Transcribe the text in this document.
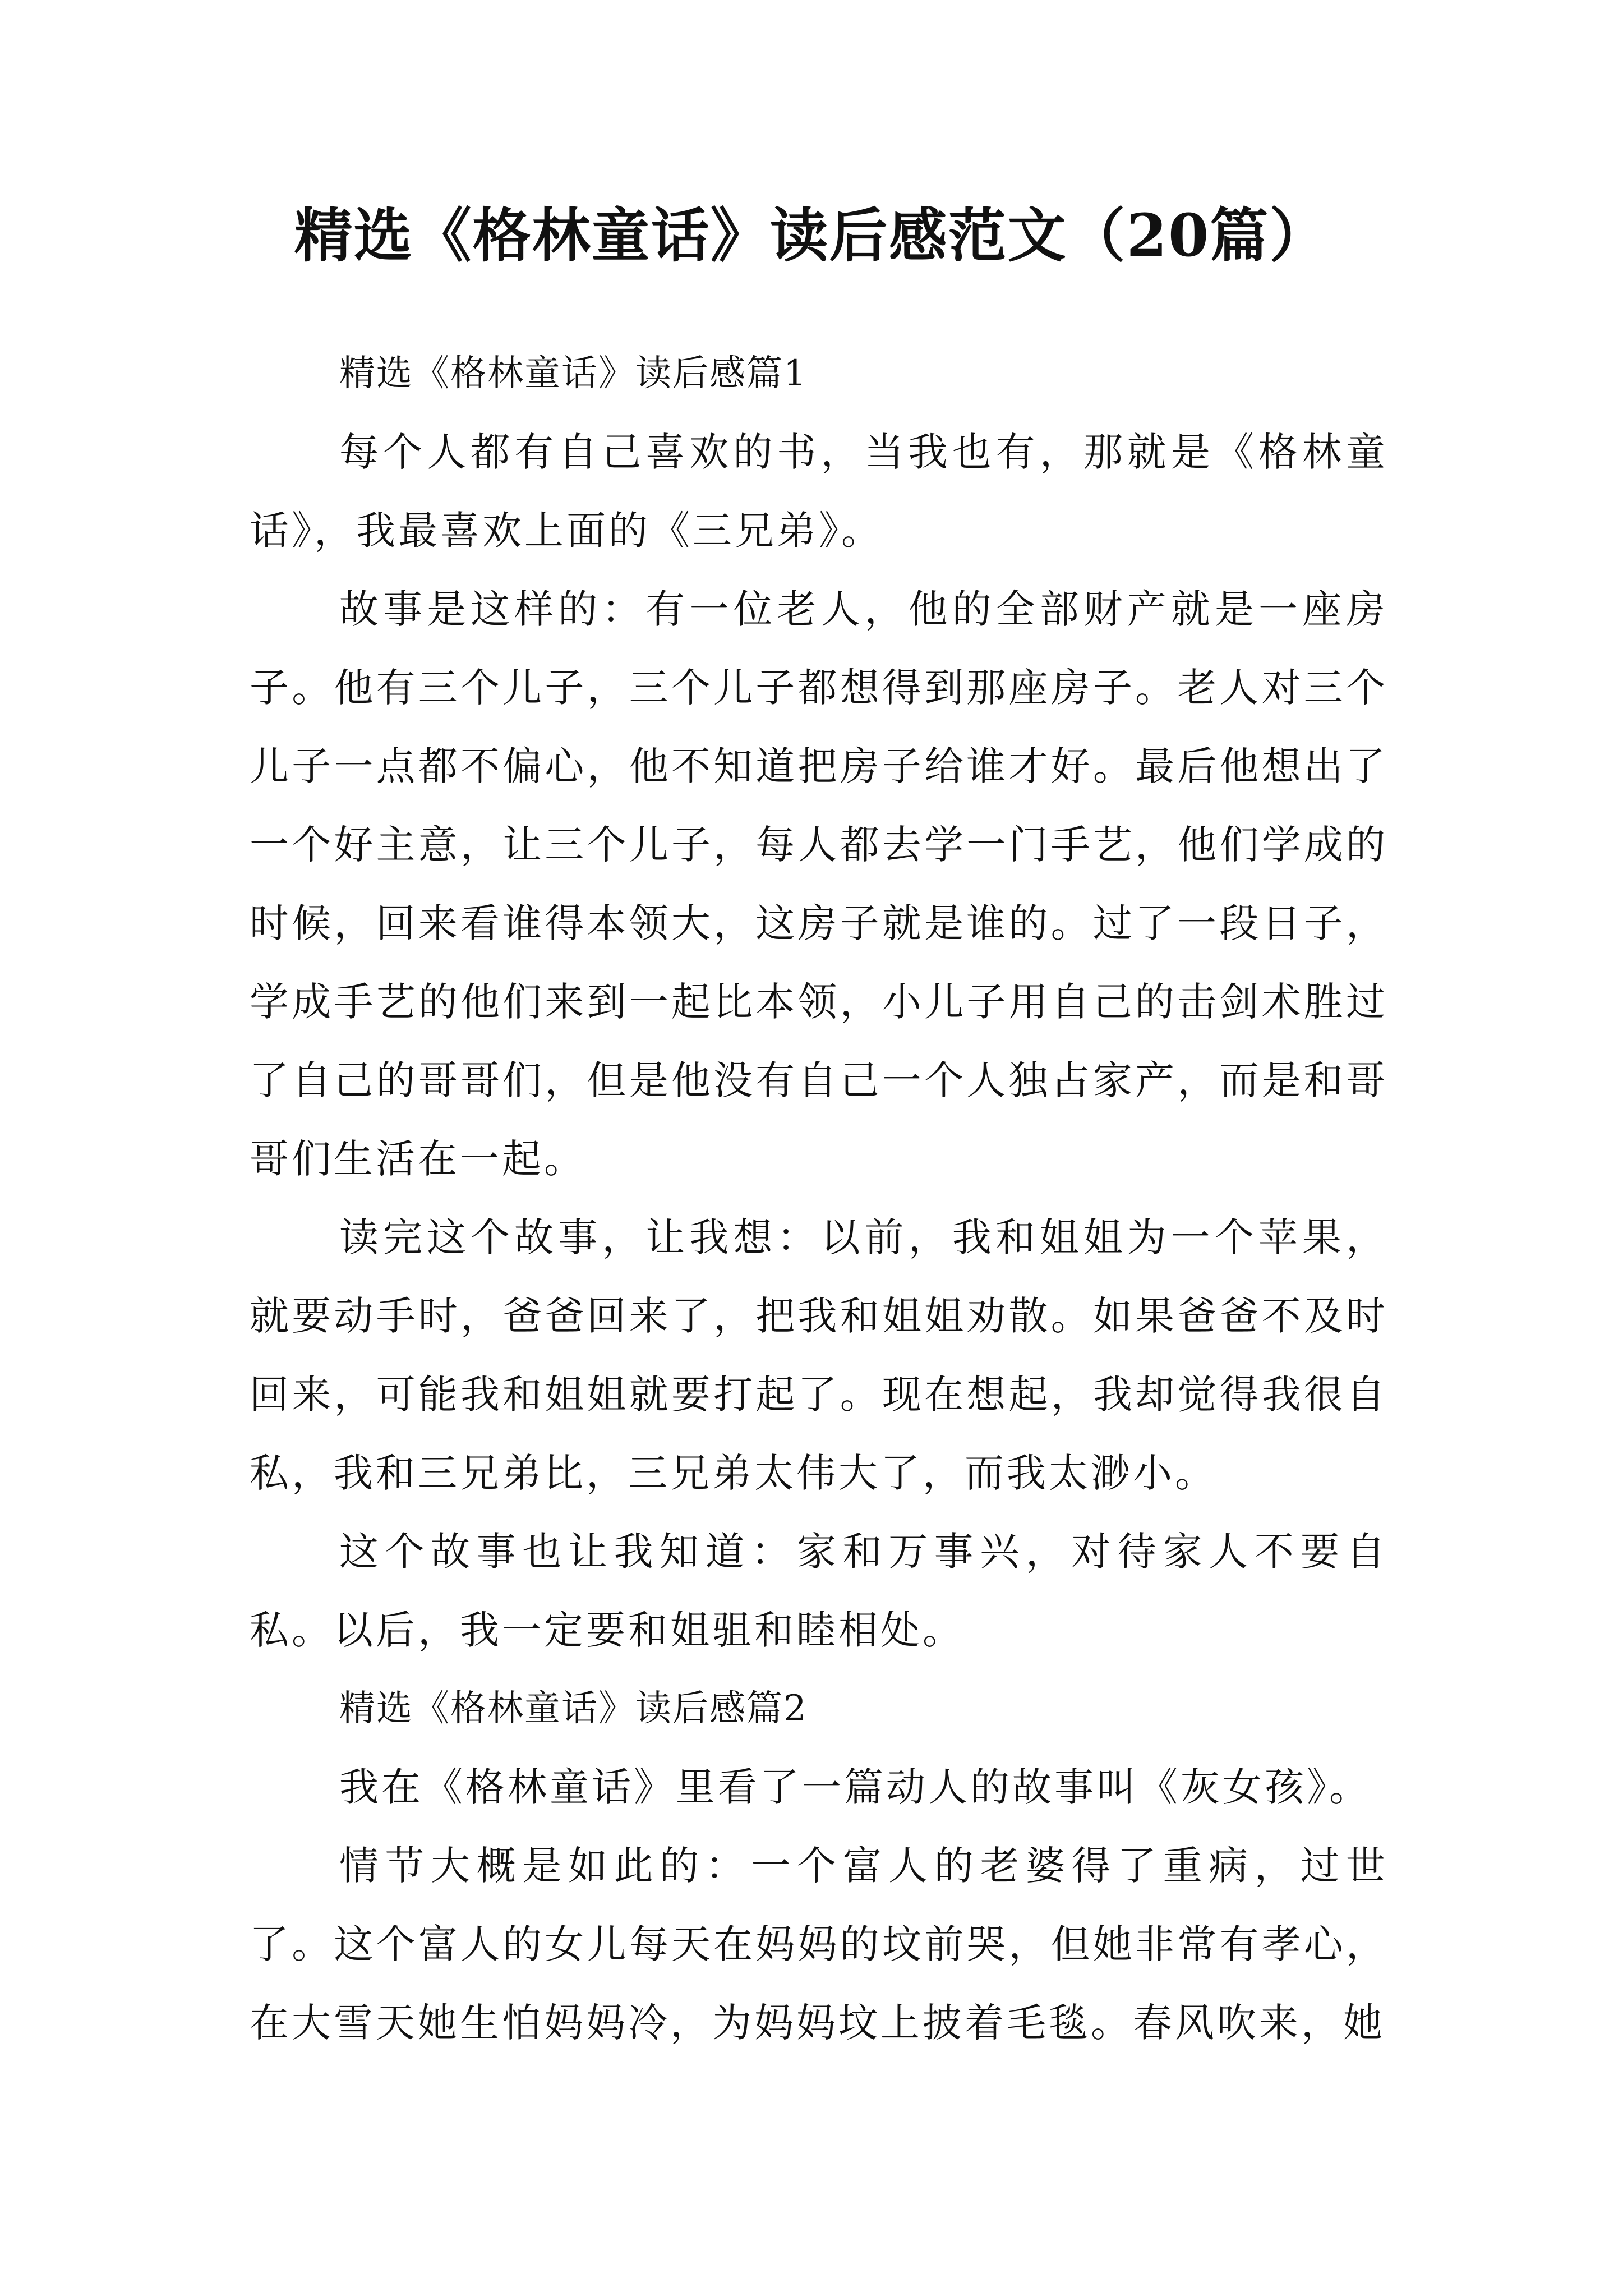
精选《格林童话》读后感范文（20篇）

精选《格林童话》读后感篇1

每个人都有自己喜欢的书，当我也有，那就是《格林童话》，我最喜欢上面的《三兄弟》。

故事是这样的：有一位老人，他的全部财产就是一座房子。他有三个儿子，三个儿子都想得到那座房子。老人对三个儿子一点都不偏心，他不知道把房子给谁才好。最后他想出了一个好主意，让三个儿子，每人都去学一门手艺，他们学成的时候，回来看谁得本领大，这房子就是谁的。过了一段日子，学成手艺的他们来到一起比本领，小儿子用自己的击剑术胜过了自己的哥哥们，但是他没有自己一个人独占家产，而是和哥哥们生活在一起。

读完这个故事，让我想：以前，我和姐姐为一个苹果，就要动手时，爸爸回来了，把我和姐姐劝散。如果爸爸不及时回来，可能我和姐姐就要打起了。现在想起，我却觉得我很自私，我和三兄弟比，三兄弟太伟大了，而我太渺小。

这个故事也让我知道：家和万事兴，对待家人不要自私。以后，我一定要和姐驵和睦相处。

精选《格林童话》读后感篇2

我在《格林童话》里看了一篇动人的故事叫《灰女孩》。

情节大概是如此的：一个富人的老婆得了重病，过世了。这个富人的女儿每天在妈妈的坟前哭，但她非常有孝心，在大雪天她生怕妈妈冷，为妈妈坟上披着毛毯。春风吹来，她
